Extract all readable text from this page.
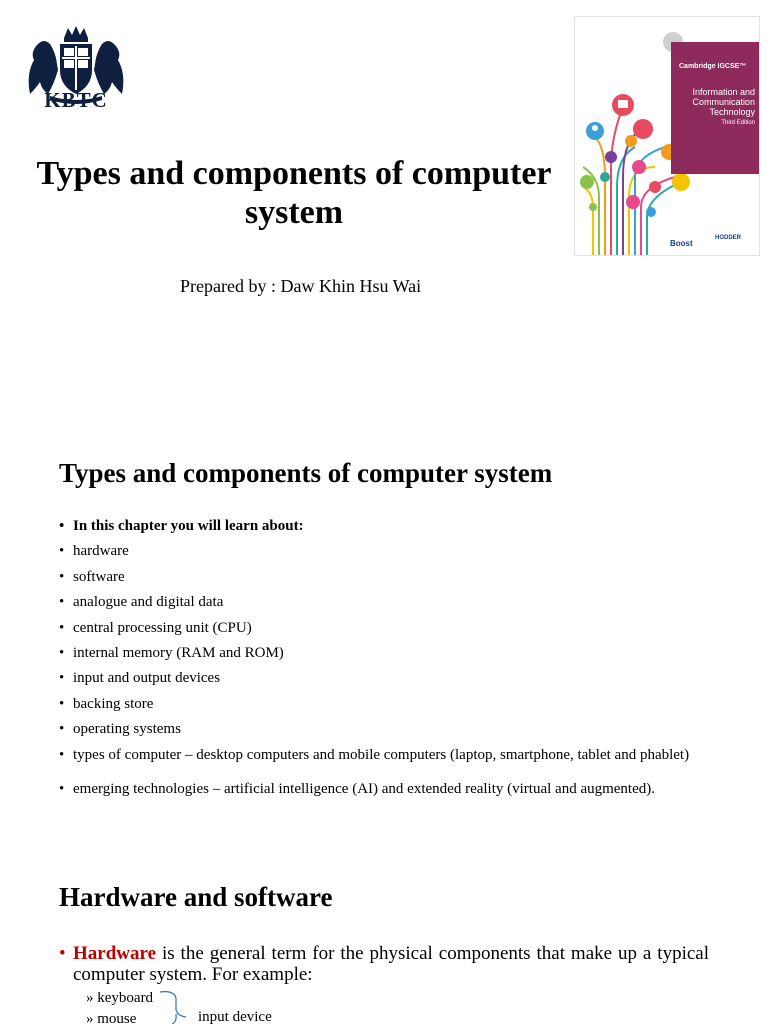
KBTC
Types and components of computer
system
Prepared by : Daw Khin Hsu Wai
Cambridge IGCSE™
Information and
Communication
Technology
Third Edition
Boost
HODDER
Types and components of computer system
• In this chapter you will learn about:
• hardware
• software
• analogue and digital data
• central processing unit (CPU)
• internal memory (RAM and ROM)
• input and output devices
• backing store
• operating systems
• types of computer – desktop computers and mobile computers (laptop, smartphone, tablet and phablet)
• emerging technologies – artificial intelligence (AI) and extended reality (virtual and augmented).
Hardware and software
• Hardware is the general term for the physical components that make up a typical computer system. For example:
» keyboard
» mouse	input device
